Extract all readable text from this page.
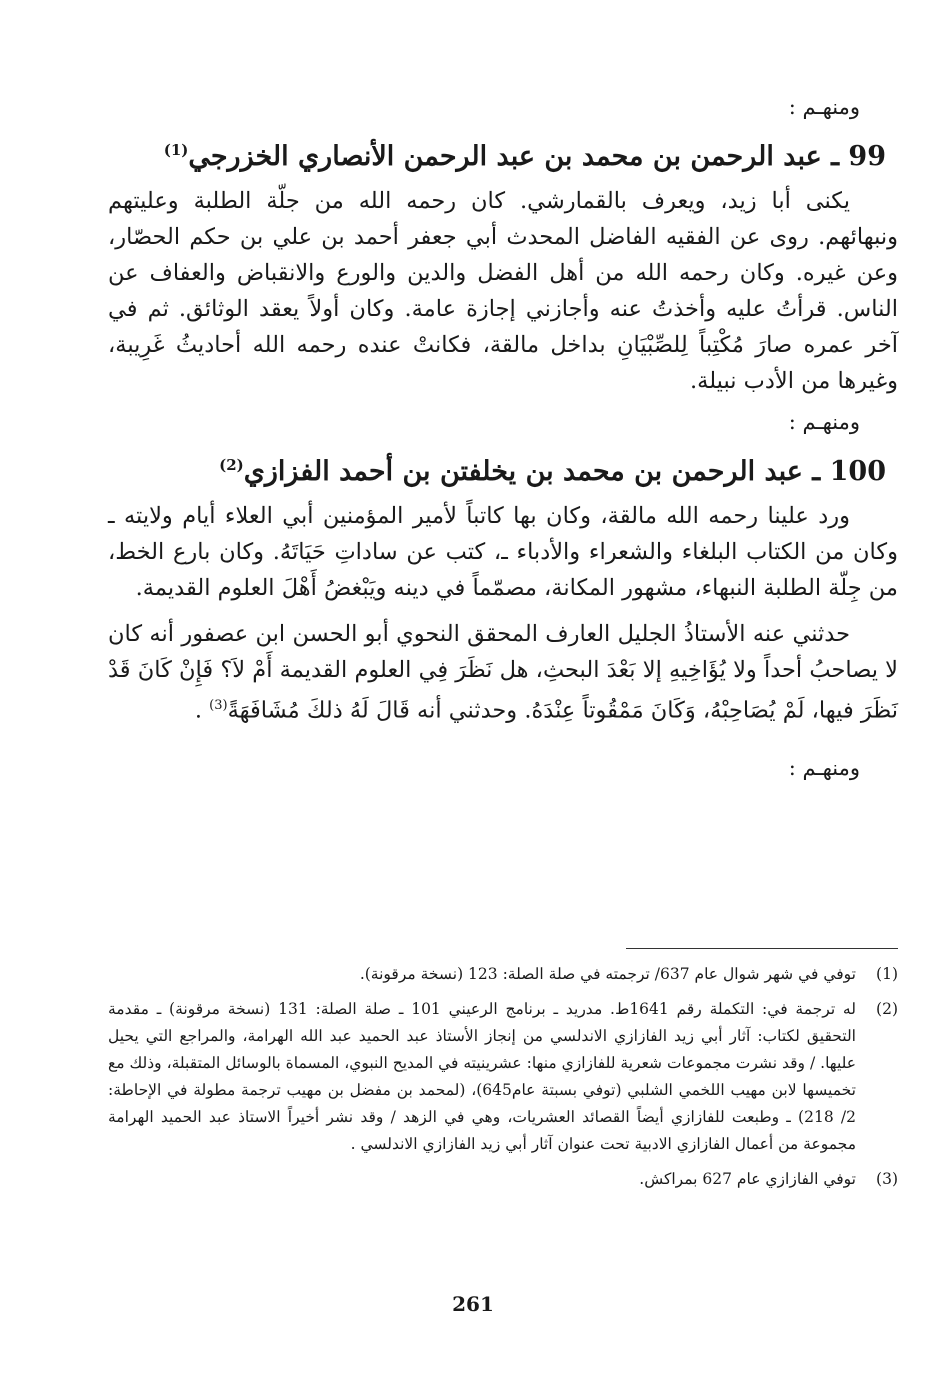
ومنهـم :
99 ـ عبد الرحمن بن محمد بن عبد الرحمن الأنصاري الخزرجي$^{(1)}$

يكنى أبا زيد، ويعرف بالقمارشي. كان رحمه الله من جلّة الطلبة وعليتهم ونبهائهم. روى عن الفقيه الفاضل المحدث أبي جعفر أحمد بن علي بن حكم الحصّار، وعن غيره. وكان رحمه الله من أهل الفضل والدين والورع والانقباض والعفاف عن الناس. قرأتُ عليه وأخذتُ عنه وأجازني إجازة عامة. وكان أولاً يعقد الوثائق. ثم في آخر عمره صارَ مُكْتِباً لِلصِّبْيَانِ بداخل مالقة، فكانتْ عنده رحمه الله أحاديثُ غَرِيبة، وغيرها من الأدب نبيلة.

ومنهـم :
100 ـ عبد الرحمن بن محمد بن يخلفتن بن أحمد الفزازي$^{(2)}$

ورد علينا رحمه الله مالقة، وكان بها كاتباً لأمير المؤمنين أبي العلاء أيام ولايته ـ وكان من الكتاب البلغاء والشعراء والأدباء ـ، كتب عن ساداتِ حَيَاتَهُ. وكان بارع الخط، من جِلّة الطلبة النبهاء، مشهور المكانة، مصمّماً في دينه ويَبْغضُ أَهْلَ العلوم القديمة.

حدثني عنه الأستاذُ الجليل العارف المحقق النحوي أبو الحسن ابن عصفور أنه كان لا يصاحبُ أحداً ولا يُؤَاخِيهِ إلا بَعْدَ البحثِ، هل نَظَرَ فِي العلوم القديمة أَمْ لاَ؟ فَإِنْ كَانَ قَدْ نَظَرَ فيها، لَمْ يُصَاحِبْهُ، وَكَانَ مَمْقُوتاً عِنْدَهُ. وحدثني أنه قَالَ لَهُ ذلكَ مُشَافَهَةً$^{(3)}$ .

ومنهـم :
(1)
توفي في شهر شوال عام 637/ ترجمته في صلة الصلة: 123 (نسخة مرقونة).
(2)
له ترجمة في: التكملة رقم 1641ط. مدريد ـ برنامج الرعيني 101 ـ صلة الصلة: 131 (نسخة مرقونة) ـ مقدمة التحقيق لكتاب: آثار أبي زيد الفازازي الاندلسي من إنجاز الأستاذ عبد الحميد عبد الله الهرامة، والمراجع التي يحيل عليها. / وقد نشرت مجموعات شعرية للفازازي منها: عشرينيته في المديح النبوي، المسماة بالوسائل المتقبلة، وذلك مع تخميسها لابن مهيب اللخمي الشلبي (توفي بسبتة عام645)، (لمحمد بن مفضل بن مهيب ترجمة مطولة في الإحاطة: 2/ 218) ـ وطبعت للفازازي أيضاً القصائد العشريات، وهي في الزهد / وقد نشر أخيراً الاستاذ عبد الحميد الهرامة مجموعة من أعمال الفازازي الادبية تحت عنوان آثار أبي زيد الفازازي الاندلسي .
(3)
توفي الفازازي عام 627 بمراكش.
261
